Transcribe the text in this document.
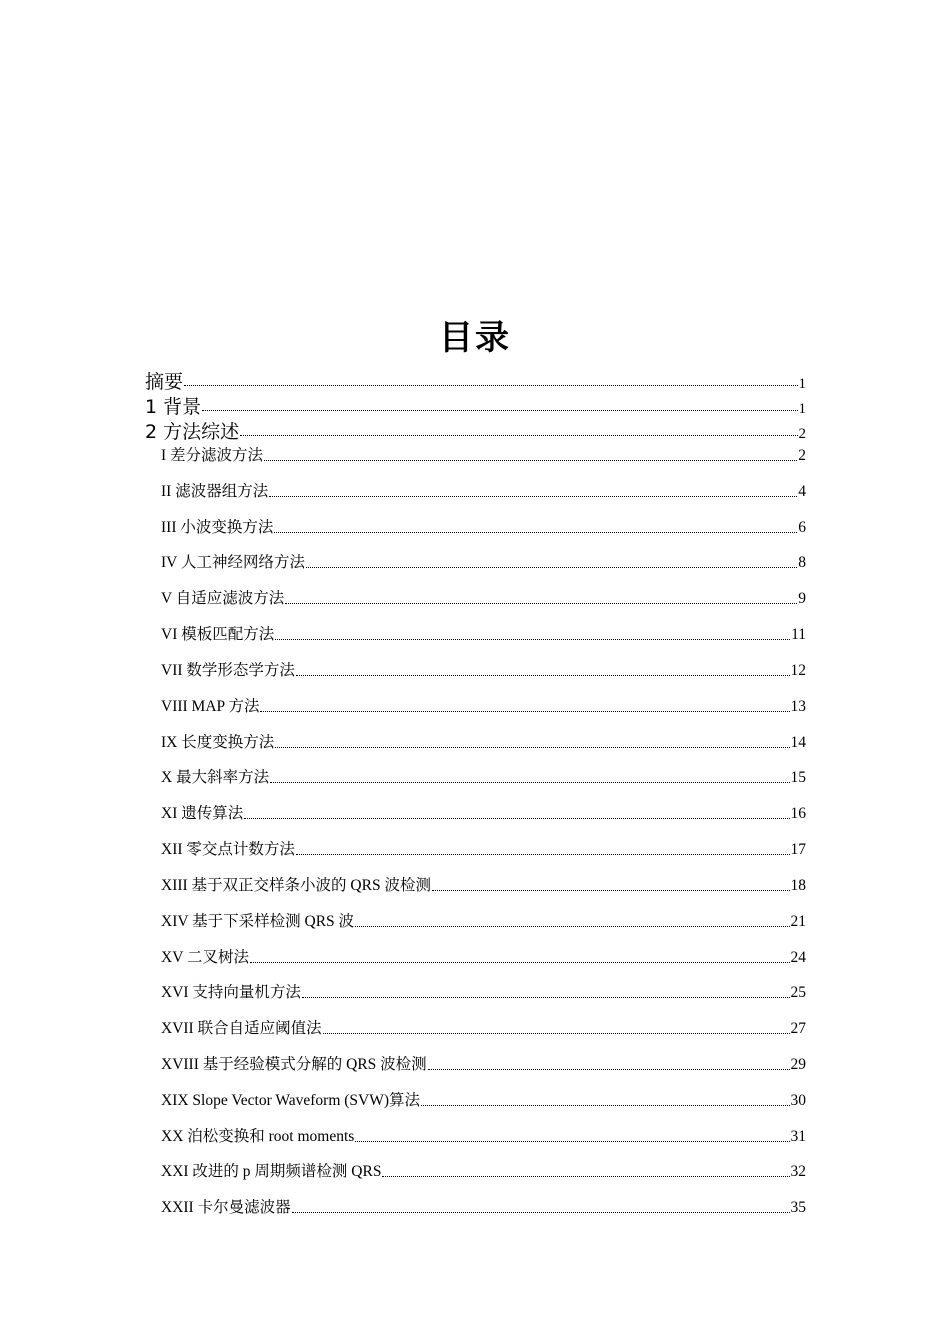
目录
摘要	1
1 背景	1
2 方法综述	2
I 差分滤波方法	2
II 滤波器组方法	4
III 小波变换方法	6
IV 人工神经网络方法	8
V 自适应滤波方法	9
VI 模板匹配方法	11
VII 数学形态学方法	12
VIII MAP 方法	13
IX 长度变换方法	14
X 最大斜率方法	15
XI 遗传算法	16
XII 零交点计数方法	17
XIII 基于双正交样条小波的 QRS 波检测	18
XIV 基于下采样检测 QRS 波	21
XV 二叉树法	24
XVI 支持向量机方法	25
XVII 联合自适应阈值法	27
XVIII 基于经验模式分解的 QRS 波检测	29
XIX Slope Vector Waveform (SVW)算法	30
XX 泊松变换和 root moments	31
XXI 改进的 p 周期频谱检测 QRS	32
XXII 卡尔曼滤波器	35
